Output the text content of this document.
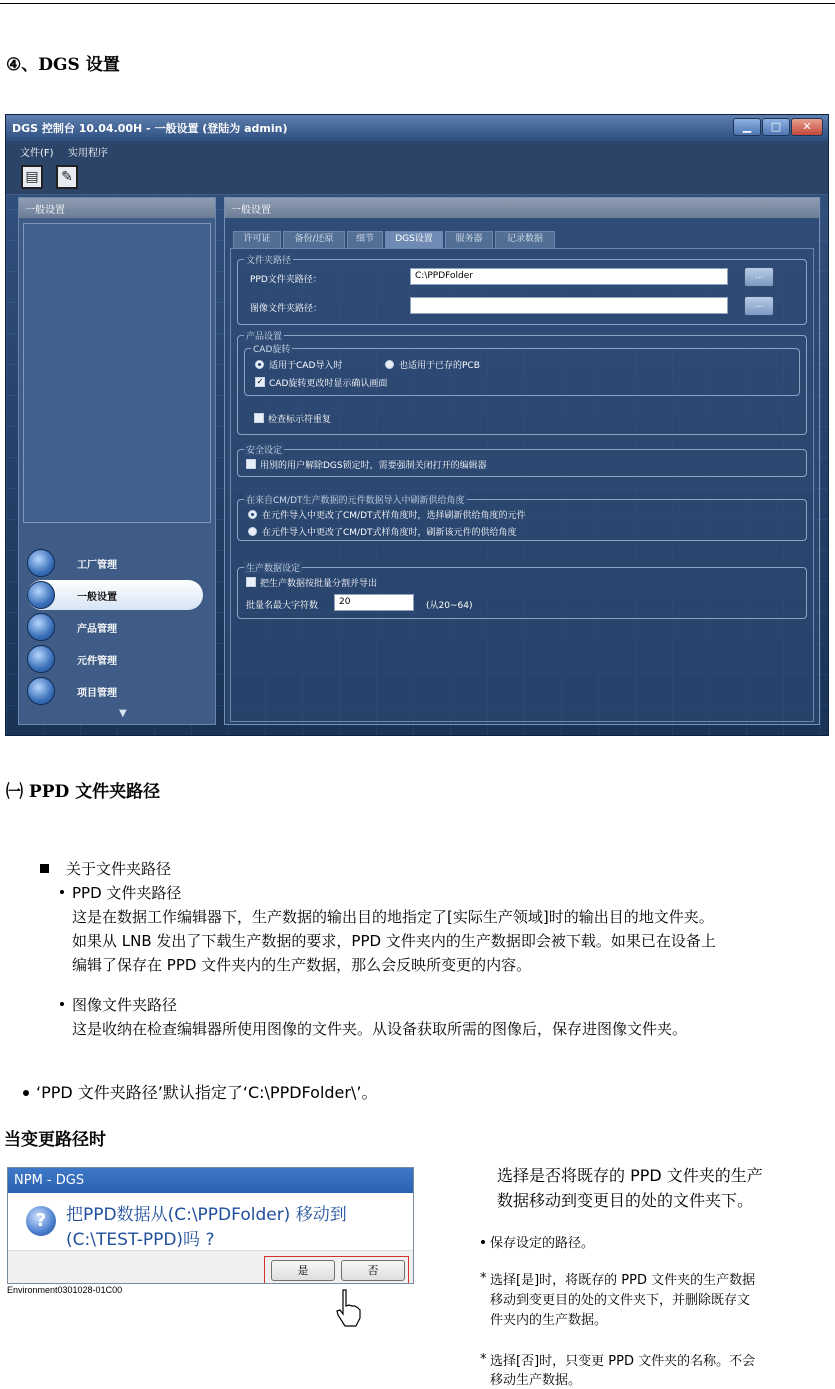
④、DGS 设置
DGS 控制台 10.04.00H - 一般设置 (登陆为 admin)	▁	□	✕
文件(F) 实用程序
▤	✎
一般设置
工厂管理
一般设置
产品管理
元件管理
项目管理
▼
一般设置
许可证	备份/还原	细节	DGS设置	服务器	记录数据
文件夹路径
PPD文件夹路径：	C:\PPDFolder	...
图像文件夹路径：	...
产品设置
CAD旋转
适用于CAD导入时	也适用于已存的PCB
✓ CAD旋转更改时显示确认画面
检查标示符重复
安全设定
用别的用户解除DGS锁定时，需要强制关闭打开的编辑器
在来自CM/DT生产数据的元件数据导入中刷新供给角度
在元件导入中更改了CM/DT式样角度时，选择刷新供给角度的元件
在元件导入中更改了CM/DT式样角度时，刷新该元件的供给角度
生产数据设定
把生产数据按批量分割并导出
批量名最大字符数	20	(从20~64)
㈠ PPD 文件夹路径
关于文件夹路径
PPD 文件夹路径
这是在数据工作编辑器下，生产数据的输出目的地指定了[实际生产领域]时的输出目的地文件夹。
如果从 LNB 发出了下载生产数据的要求，PPD 文件夹内的生产数据即会被下载。如果已在设备上
编辑了保存在 PPD 文件夹内的生产数据，那么会反映所变更的内容。
图像文件夹路径
这是收纳在检查编辑器所使用图像的文件夹。从设备获取所需的图像后，保存进图像文件夹。
‘PPD 文件夹路径’默认指定了‘C:\PPDFolder\’。
当变更路径时
NPM - DGS
?	把PPD数据从(C:\PPDFolder) 移动到
(C:\TEST-PPD)吗 ?
是	否
Environment0301028-01C00
选择是否将既存的 PPD 文件夹的生产
数据移动到变更目的处的文件夹下。
保存设定的路径。
* 选择[是]时，将既存的 PPD 文件夹的生产数据
移动到变更目的处的文件夹下，并删除既存文
件夹内的生产数据。
* 选择[否]时，只变更 PPD 文件夹的名称。不会
移动生产数据。
